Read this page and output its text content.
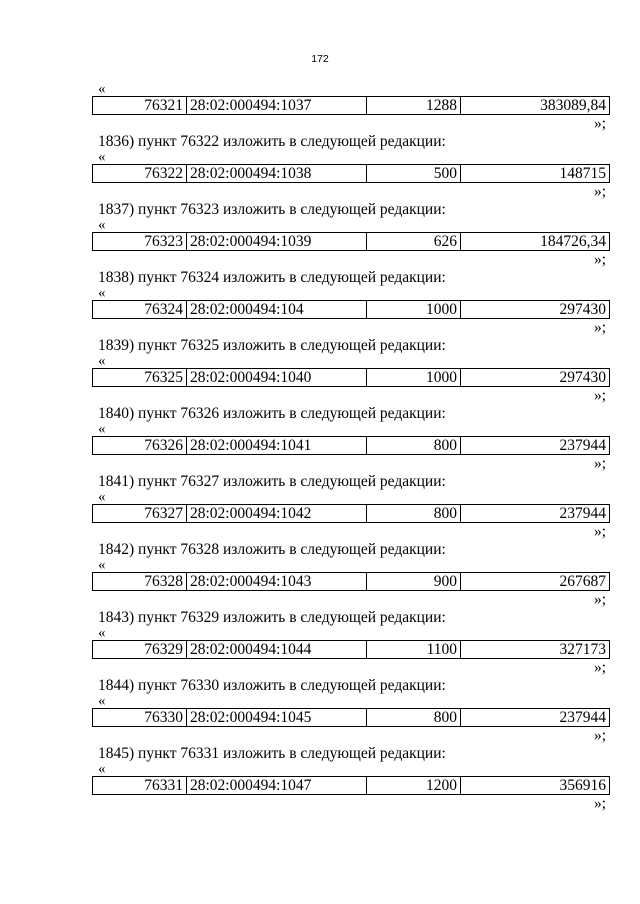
172

«

76321	28:02:000494:1037	1288	383089,84

»;

1836) пункт 76322 изложить в следующей редакции:

«

76322	28:02:000494:1038	500	148715

»;

1837) пункт 76323 изложить в следующей редакции:

«

76323	28:02:000494:1039	626	184726,34

»;

1838) пункт 76324 изложить в следующей редакции:

«

76324	28:02:000494:104	1000	297430

»;

1839) пункт 76325 изложить в следующей редакции:

«

76325	28:02:000494:1040	1000	297430

»;

1840) пункт 76326 изложить в следующей редакции:

«

76326	28:02:000494:1041	800	237944

»;

1841) пункт 76327 изложить в следующей редакции:

«

76327	28:02:000494:1042	800	237944

»;

1842) пункт 76328 изложить в следующей редакции:

«

76328	28:02:000494:1043	900	267687

»;

1843) пункт 76329 изложить в следующей редакции:

«

76329	28:02:000494:1044	1100	327173

»;

1844) пункт 76330 изложить в следующей редакции:

«

76330	28:02:000494:1045	800	237944

»;

1845) пункт 76331 изложить в следующей редакции:

«

76331	28:02:000494:1047	1200	356916

»;
